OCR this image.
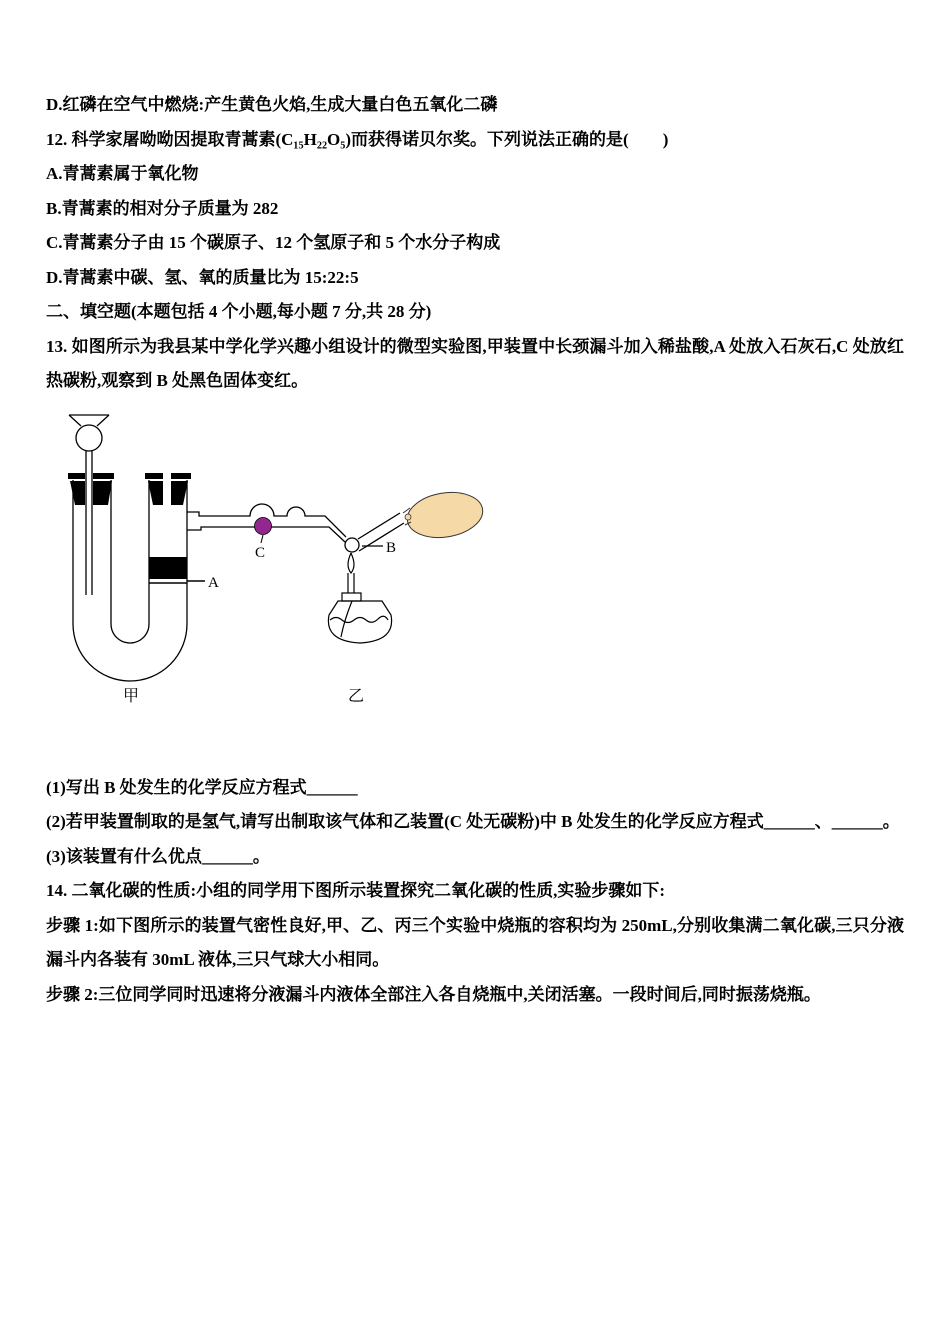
D.红磷在空气中燃烧:产生黄色火焰,生成大量白色五氧化二磷

12. 科学家屠呦呦因提取青蒿素(C₁₅H₂₂O₅)而获得诺贝尔奖。下列说法正确的是(　　)

A.青蒿素属于氧化物

B.青蒿素的相对分子质量为 282

C.青蒿素分子由 15 个碳原子、12 个氢原子和 5 个水分子构成

D.青蒿素中碳、氢、氧的质量比为 15:22:5

二、填空题(本题包括 4 个小题,每小题 7 分,共 28 分)

13. 如图所示为我县某中学化学兴趣小组设计的微型实验图,甲装置中长颈漏斗加入稀盐酸,A 处放入石灰石,C 处放红热碳粉,观察到 B 处黑色固体变红。

C	B
A
甲	乙

(1)写出 B 处发生的化学反应方程式______

(2)若甲装置制取的是氢气,请写出制取该气体和乙装置(C 处无碳粉)中 B 处发生的化学反应方程式______、______。

(3)该装置有什么优点______。

14. 二氧化碳的性质:小组的同学用下图所示装置探究二氧化碳的性质,实验步骤如下:

步骤 1:如下图所示的装置气密性良好,甲、乙、丙三个实验中烧瓶的容积均为 250mL,分别收集满二氧化碳,三只分液漏斗内各装有 30mL 液体,三只气球大小相同。

步骤 2:三位同学同时迅速将分液漏斗内液体全部注入各自烧瓶中,关闭活塞。一段时间后,同时振荡烧瓶。
